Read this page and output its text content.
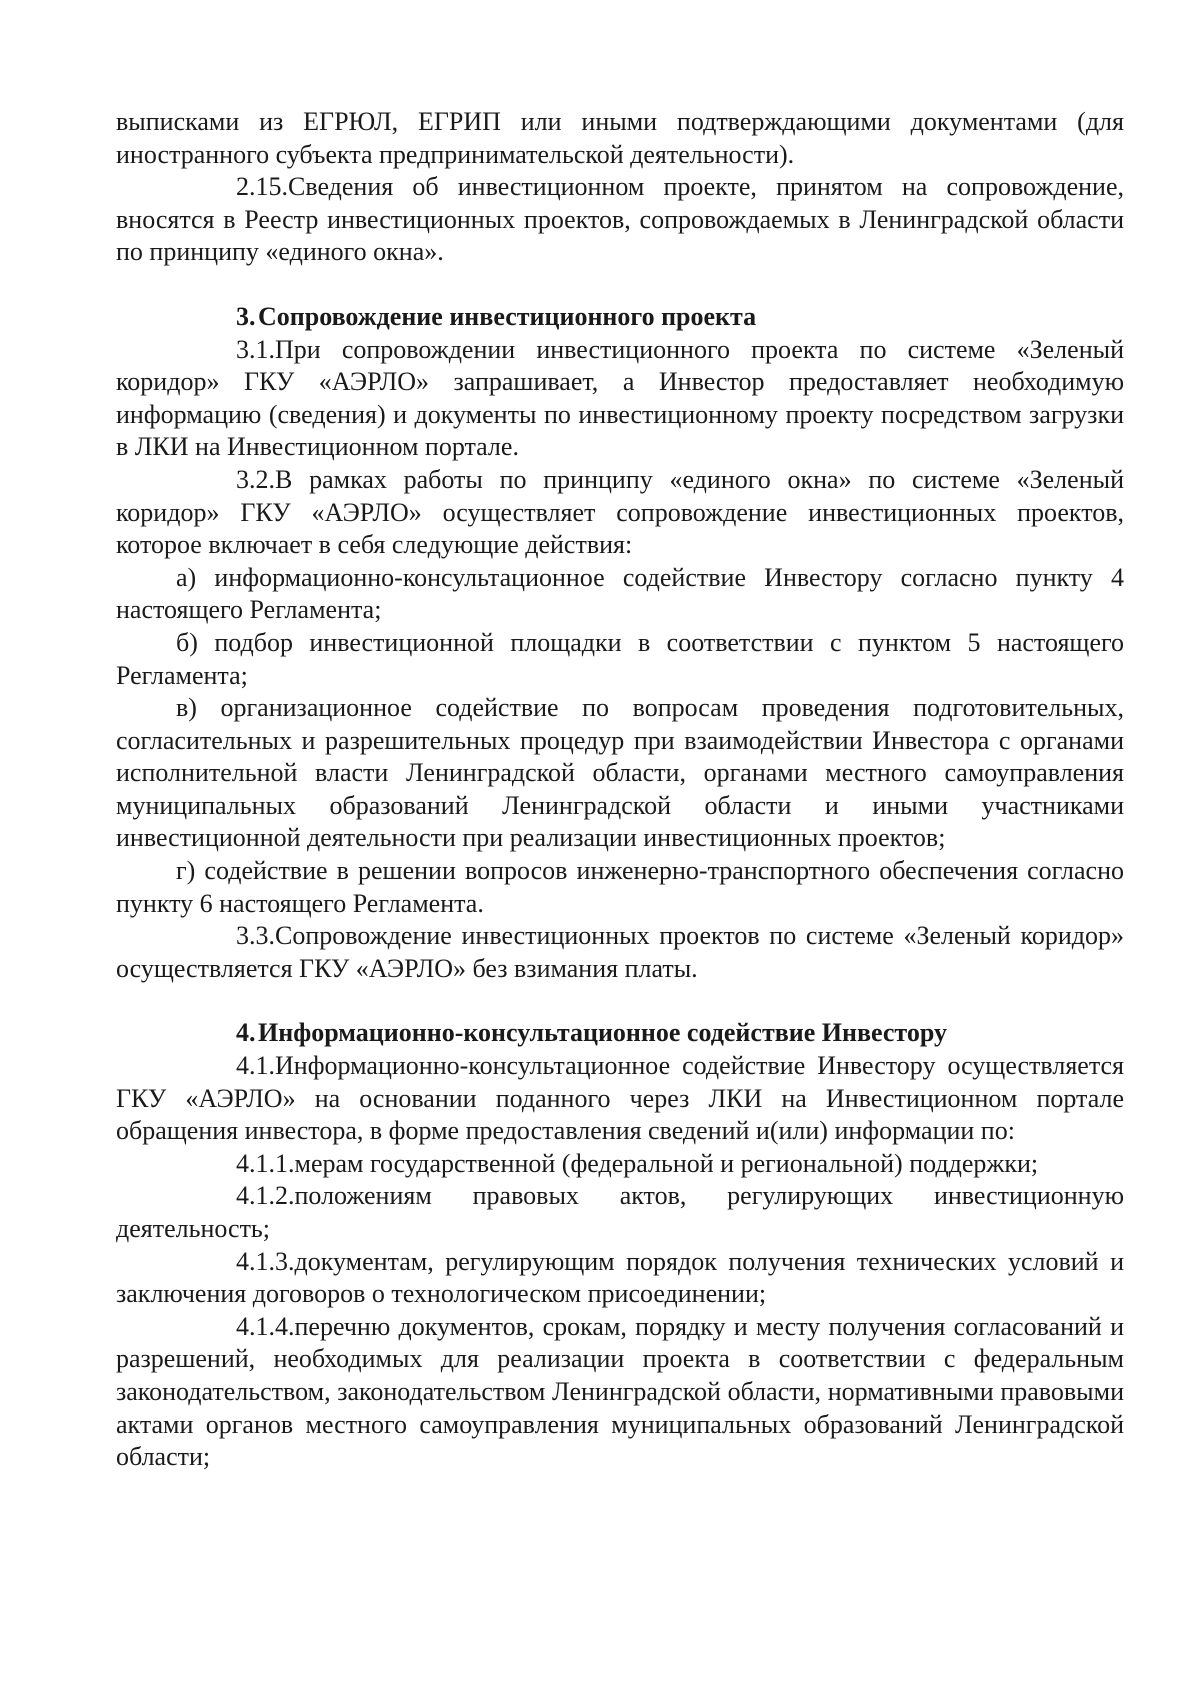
выписками из ЕГРЮЛ, ЕГРИП или иными подтверждающими документами (для иностранного субъекта предпринимательской деятельности).

2.15.Сведения об инвестиционном проекте, принятом на сопровождение, вносятся в Реестр инвестиционных проектов, сопровождаемых в Ленинградской области по принципу «единого окна».

3.Сопровождение инвестиционного проекта

3.1.При сопровождении инвестиционного проекта по системе «Зеленый коридор» ГКУ «АЭРЛО» запрашивает, а Инвестор предоставляет необходимую информацию (сведения) и документы по инвестиционному проекту посредством загрузки в ЛКИ на Инвестиционном портале.

3.2.В рамках работы по принципу «единого окна» по системе «Зеленый коридор» ГКУ «АЭРЛО» осуществляет сопровождение инвестиционных проектов, которое включает в себя следующие действия:

а) информационно-консультационное содействие Инвестору согласно пункту 4 настоящего Регламента;

б) подбор инвестиционной площадки в соответствии с пунктом 5 настоящего Регламента;

в) организационное содействие по вопросам проведения подготовительных, согласительных и разрешительных процедур при взаимодействии Инвестора с органами исполнительной власти Ленинградской области, органами местного самоуправления муниципальных образований Ленинградской области и иными участниками инвестиционной деятельности при реализации инвестиционных проектов;

г) содействие в решении вопросов инженерно-транспортного обеспечения согласно пункту 6 настоящего Регламента.

3.3.Сопровождение инвестиционных проектов по системе «Зеленый коридор» осуществляется ГКУ «АЭРЛО» без взимания платы.

4.Информационно-консультационное содействие Инвестору

4.1.Информационно-консультационное содействие Инвестору осуществляется ГКУ «АЭРЛО» на основании поданного через ЛКИ на Инвестиционном портале обращения инвестора, в форме предоставления сведений и(или) информации по:

4.1.1.мерам государственной (федеральной и региональной) поддержки;

4.1.2.положениям правовых актов, регулирующих инвестиционную деятельность;

4.1.3.документам, регулирующим порядок получения технических условий и заключения договоров о технологическом присоединении;

4.1.4.перечню документов, срокам, порядку и месту получения согласований и разрешений, необходимых для реализации проекта в соответствии с федеральным законодательством, законодательством Ленинградской области, нормативными правовыми актами органов местного самоуправления муниципальных образований Ленинградской области;
